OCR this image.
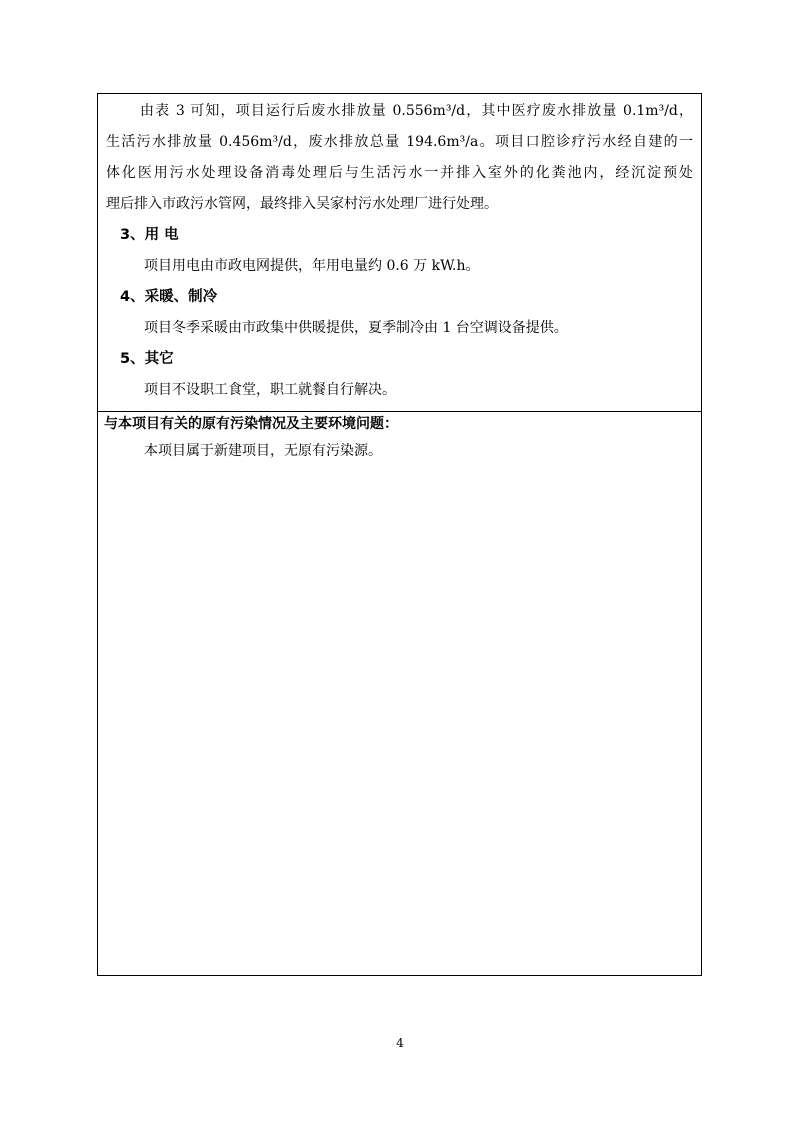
由表 3 可知，项目运行后废水排放量 0.556m³/d，其中医疗废水排放量 0.1m³/d，
生活污水排放量 0.456m³/d，废水排放总量 194.6m³/a。项目口腔诊疗污水经自建的一
体化医用污水处理设备消毒处理后与生活污水一并排入室外的化粪池内，经沉淀预处
理后排入市政污水管网，最终排入吴家村污水处理厂进行处理。
3、用 电
项目用电由市政电网提供，年用电量约 0.6 万 kW.h。
4、采暖、制冷
项目冬季采暖由市政集中供暖提供，夏季制冷由 1 台空调设备提供。
5、其它
项目不设职工食堂，职工就餐自行解决。
与本项目有关的原有污染情况及主要环境问题：
本项目属于新建项目，无原有污染源。
4
